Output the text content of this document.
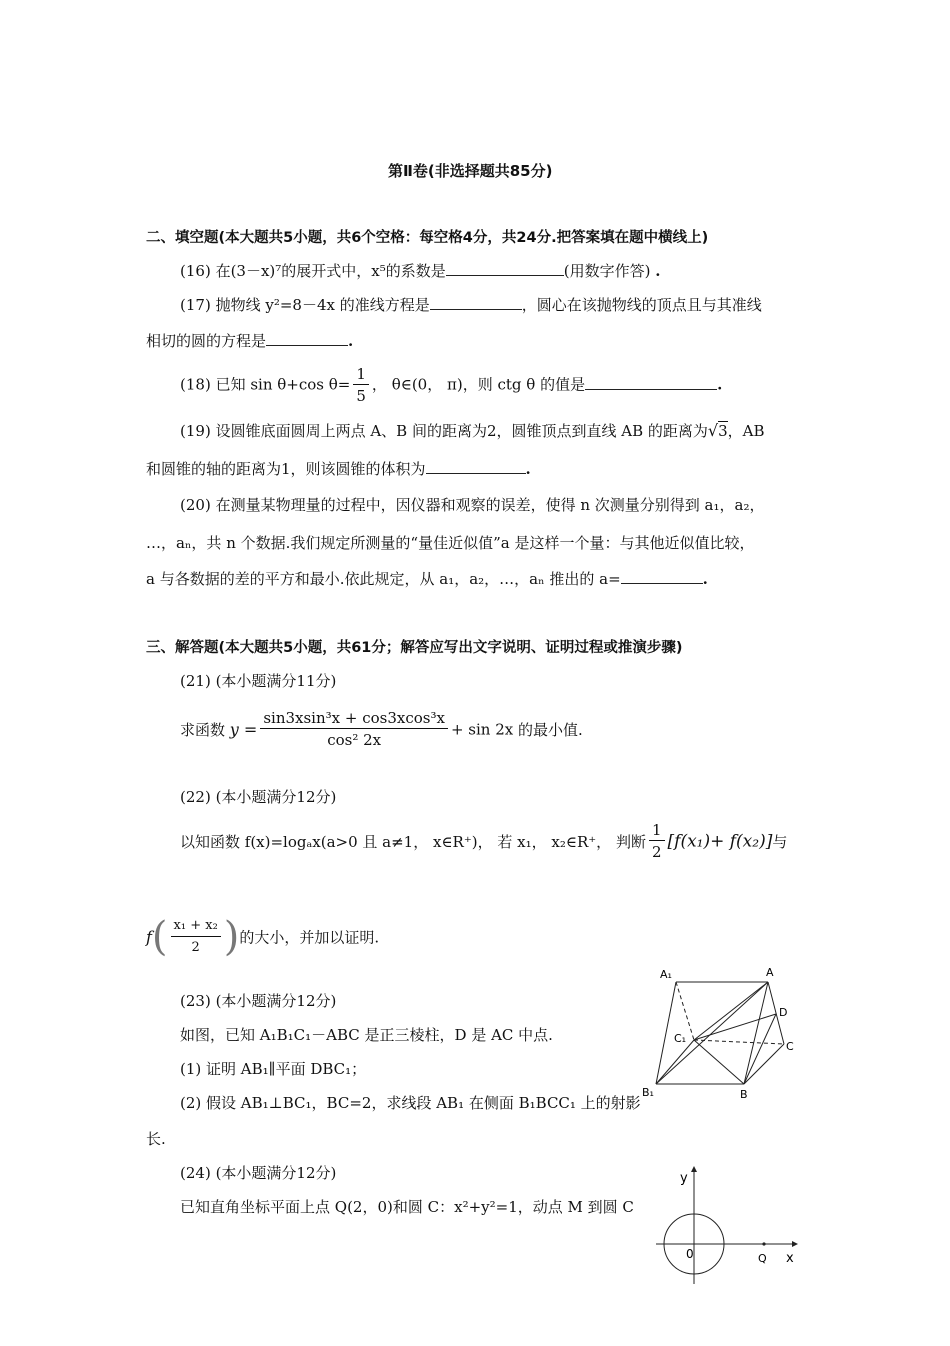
第Ⅱ卷(非选择题共85分)
二、填空题(本大题共5小题，共6个空格：每空格4分，共24分.把答案填在题中横线上)
(16) 在(3－x)⁷的展开式中，x⁵的系数是	(用数字作答) .
(17) 抛物线 y²=8－4x 的准线方程是	，圆心在该抛物线的顶点且与其准线
相切的圆的方程是	.
(18) 已知 sin θ+cos $\theta= \frac{1}{5}$ ， θ∈(0， π)，则 ctg θ 的值是	.
(19) 设圆锥底面圆周上两点 A、B 间的距离为2，圆锥顶点到直线 AB 的距离为√3，AB
和圆锥的轴的距离为1，则该圆锥的体积为	.
(20) 在测量某物理量的过程中，因仪器和观察的误差，使得 n 次测量分别得到 a₁，a₂，
…，aₙ，共 n 个数据.我们规定所测量的“量佳近似值”a 是这样一个量：与其他近似值比较，
a 与各数据的差的平方和最小.依此规定，从 a₁，a₂，…，aₙ 推出的 a=	.
三、解答题(本大题共5小题，共61分；解答应写出文字说明、证明过程或推演步骤)
(21) (本小题满分11分)
求函数 $y = \frac{\text{sin3xsin³x + cos3xcos³x}}{\text{cos² 2x}} + \sin 2x$ 的最小值.
(22) (本小题满分12分)
以知函数 f(x)=logₐx(a>0 且 a≠1， x∈R⁺)， 若 x₁， x₂∈R⁺， 判断 $\frac{1}{2} [f(x_1)+ f(x_2)]$与
$f( \frac{\text{x₁ + x₂}}{2}$ )的大小，并加以证明.
(23) (本小题满分12分)
如图，已知 A₁B₁C₁－ABC 是正三棱柱，D 是 AC 中点.
(1) 证明 AB₁∥平面 DBC₁；
(2) 假设 AB₁⊥BC₁，BC=2，求线段 AB₁ 在侧面 B₁BCC₁ 上的射影
长.
A₁	A
D
C₁
C
B₁	B
(24) (本小题满分12分)
已知直角坐标平面上点 Q(2，0)和圆 C：x²+y²=1，动点 M 到圆 C
y
0	Q x
